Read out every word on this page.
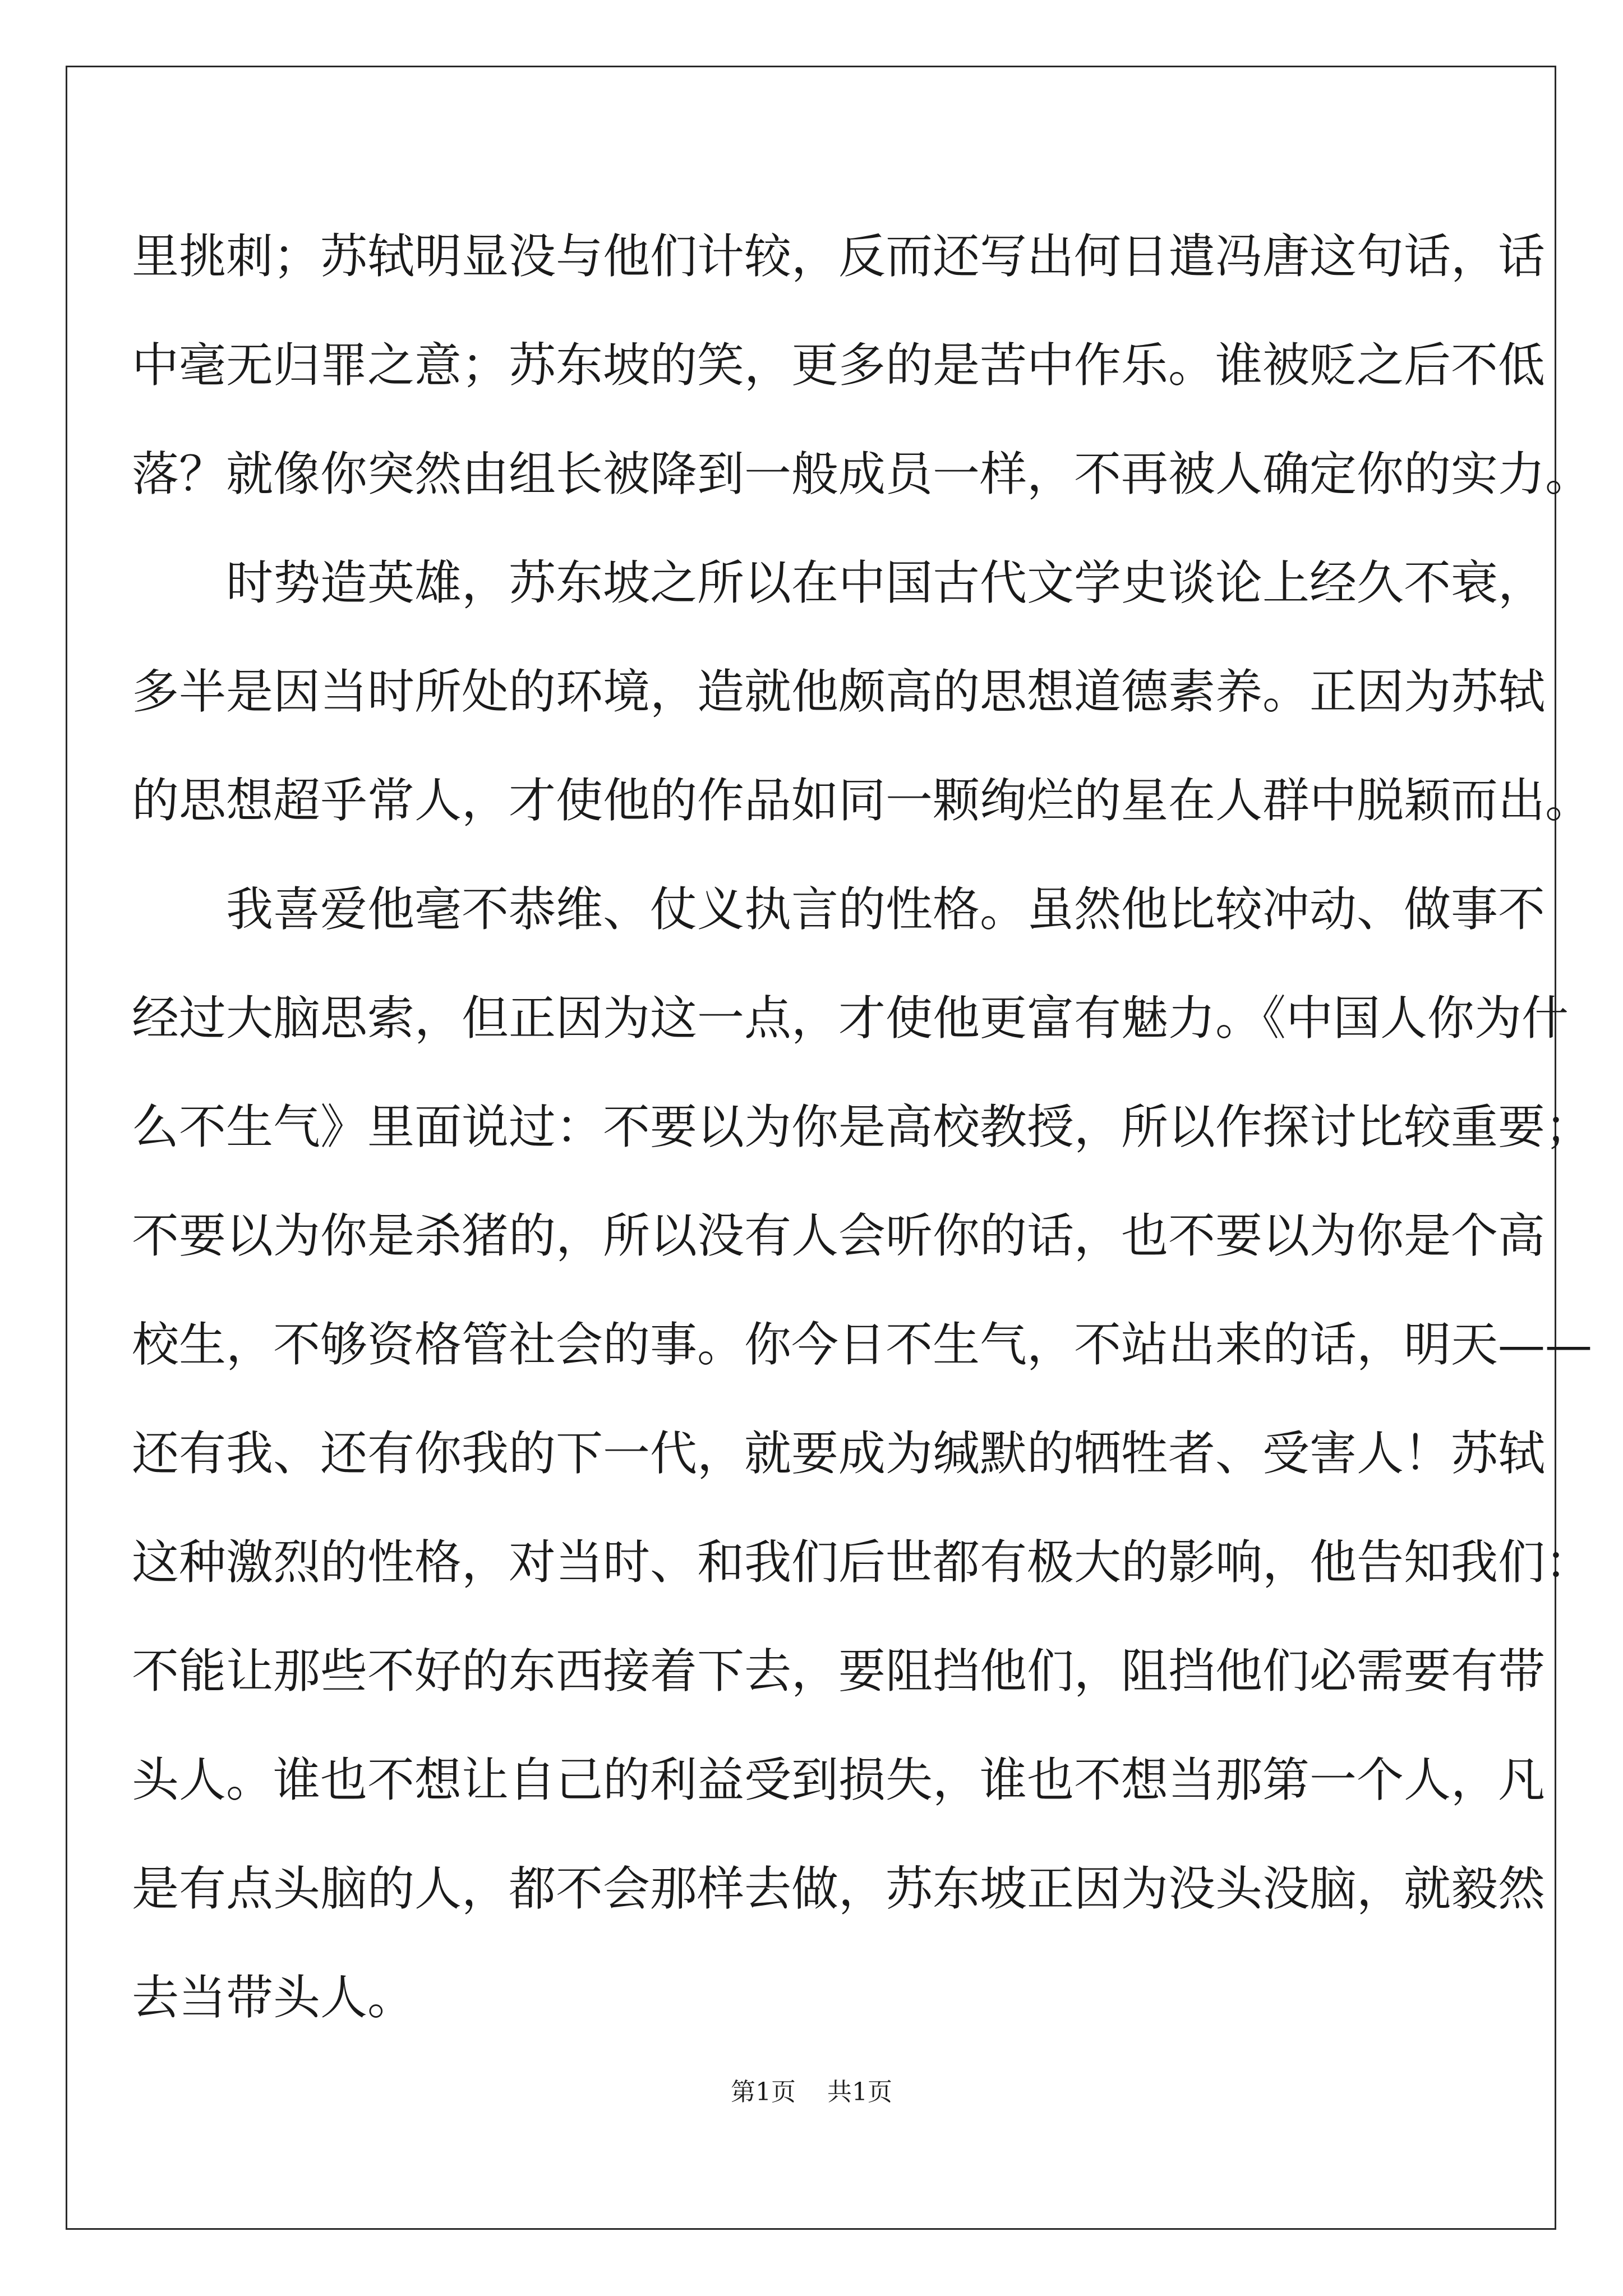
里挑刺；苏轼明显没与他们计较，反而还写出何日遣冯唐这句话，话
中毫无归罪之意；苏东坡的笑，更多的是苦中作乐。谁被贬之后不低
落？就像你突然由组长被降到一般成员一样，不再被人确定你的实力。
　　时势造英雄，苏东坡之所以在中国古代文学史谈论上经久不衰，
多半是因当时所处的环境，造就他颇高的思想道德素养。正因为苏轼
的思想超乎常人，才使他的作品如同一颗绚烂的星在人群中脱颖而出。
　　我喜爱他毫不恭维、仗义执言的性格。虽然他比较冲动、做事不
经过大脑思索，但正因为这一点，才使他更富有魅力。《中国人你为什
么不生气》里面说过：不要以为你是高校教授，所以作探讨比较重要；
不要以为你是杀猪的，所以没有人会听你的话，也不要以为你是个高
校生，不够资格管社会的事。你今日不生气，不站出来的话，明天——
还有我、还有你我的下一代，就要成为缄默的牺牲者、受害人！苏轼
这种激烈的性格，对当时、和我们后世都有极大的影响，他告知我们：
不能让那些不好的东西接着下去，要阻挡他们，阻挡他们必需要有带
头人。谁也不想让自己的利益受到损失，谁也不想当那第一个人，凡
是有点头脑的人，都不会那样去做，苏东坡正因为没头没脑，就毅然
去当带头人。
第1页 共1页
